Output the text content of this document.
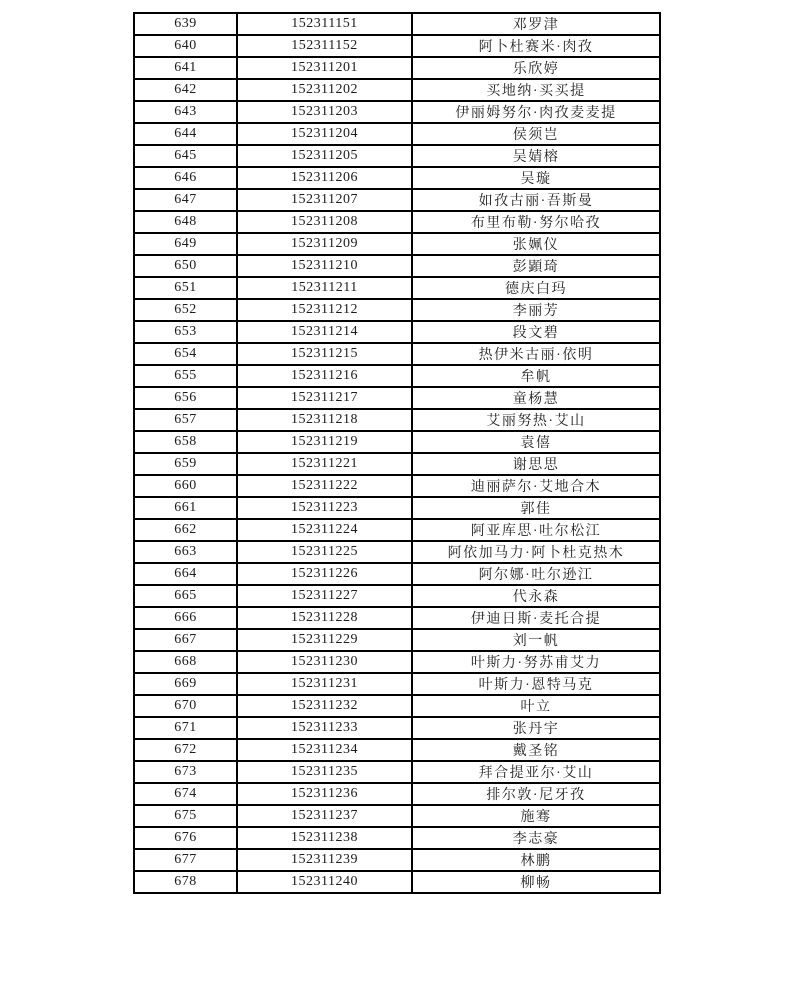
639	152311151	邓罗津
640	152311152	阿卜杜赛米·肉孜
641	152311201	乐欣婷
642	152311202	买地纳·买买提
643	152311203	伊丽姆努尔·肉孜麦麦提
644	152311204	侯须岂
645	152311205	吴婧榕
646	152311206	吴璇
647	152311207	如孜古丽·吾斯曼
648	152311208	布里布勒·努尔哈孜
649	152311209	张姵仪
650	152311210	彭顕琦
651	152311211	德庆白玛
652	152311212	李丽芳
653	152311214	段文碧
654	152311215	热伊米古丽·依明
655	152311216	牟帆
656	152311217	童杨慧
657	152311218	艾丽努热·艾山
658	152311219	袁僖
659	152311221	谢思思
660	152311222	迪丽萨尔·艾地合木
661	152311223	郭佳
662	152311224	阿亚库思·吐尔松江
663	152311225	阿依加马力·阿卜杜克热木
664	152311226	阿尔娜·吐尔逊江
665	152311227	代永森
666	152311228	伊迪日斯·麦托合提
667	152311229	刘一帆
668	152311230	叶斯力·努苏甫艾力
669	152311231	叶斯力·恩特马克
670	152311232	叶立
671	152311233	张丹宇
672	152311234	戴圣铭
673	152311235	拜合提亚尔·艾山
674	152311236	排尔敦·尼牙孜
675	152311237	施骞
676	152311238	李志豪
677	152311239	林鹏
678	152311240	柳畅
